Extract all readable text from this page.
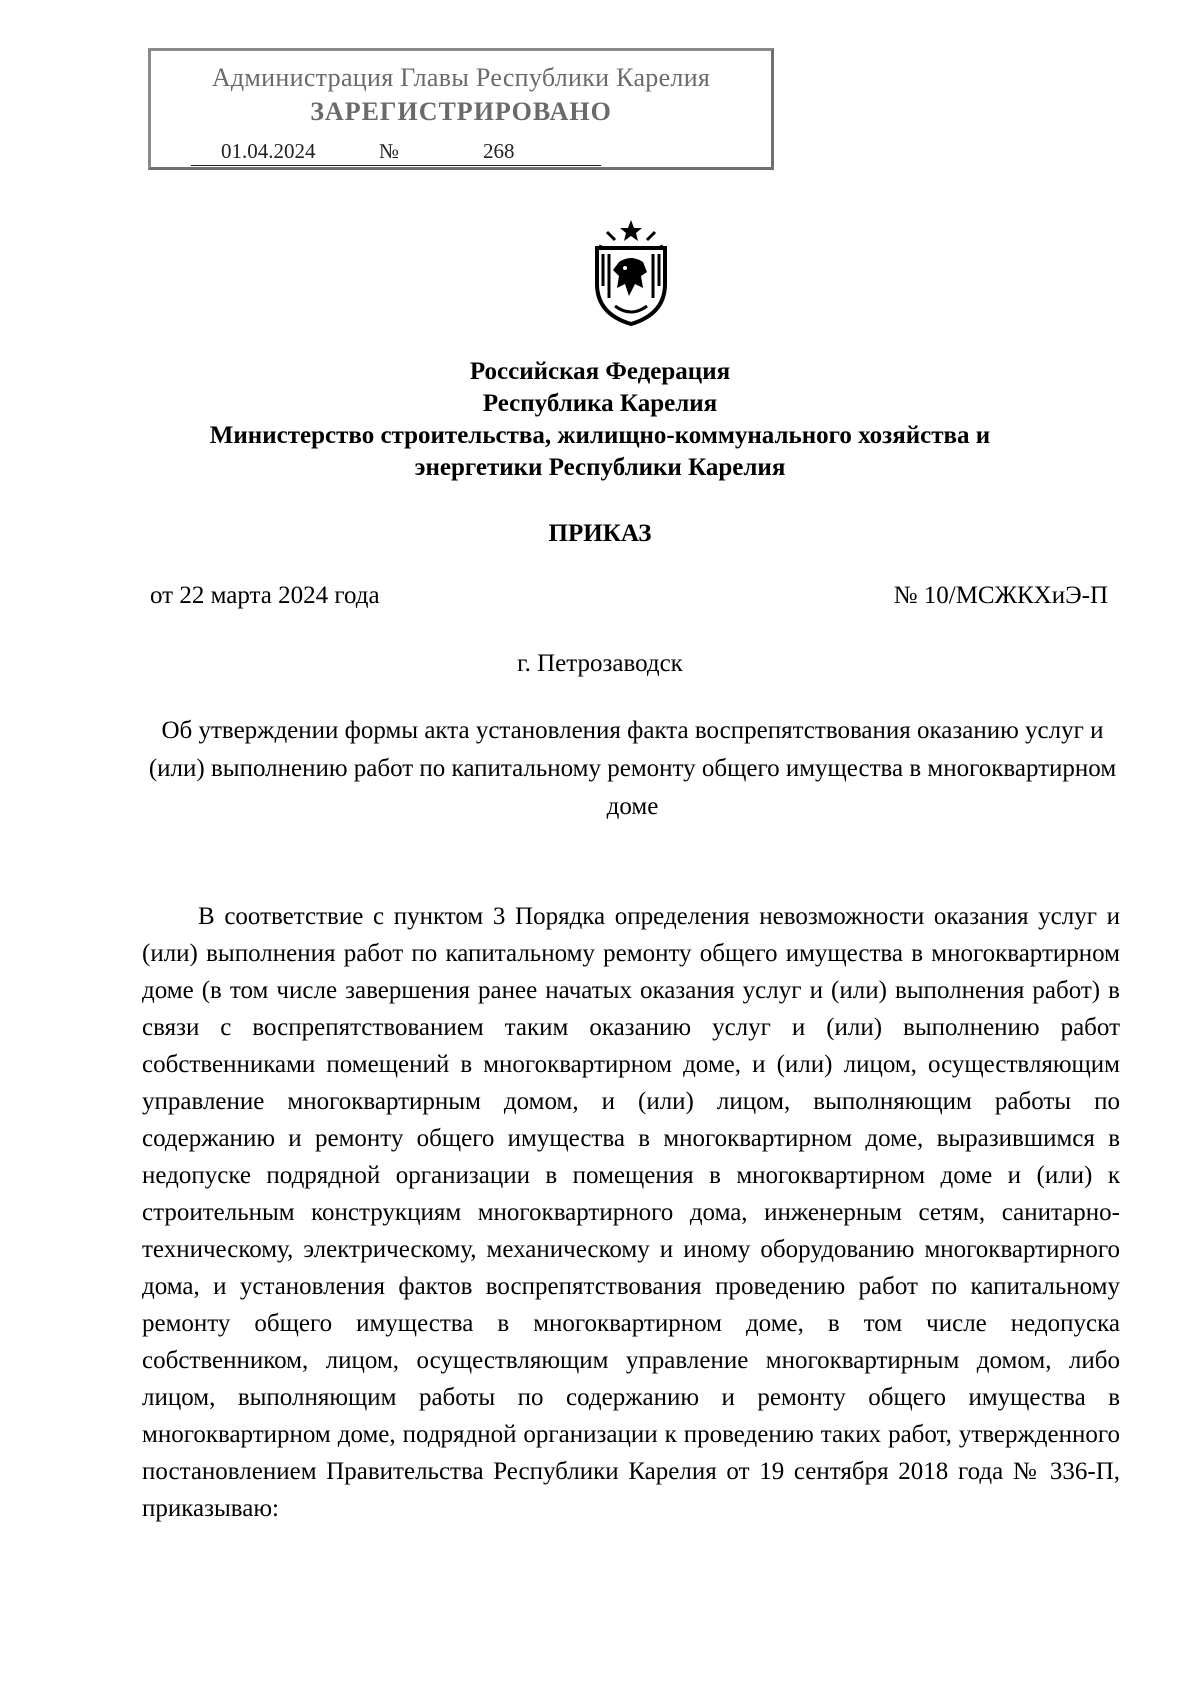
Администрация Главы Республики Карелия
ЗАРЕГИСТРИРОВАНО
01.04.2024	№	268
Российская Федерация
Республика Карелия
Министерство строительства, жилищно-коммунального хозяйства и
энергетики Республики Карелия
ПРИКАЗ
от 22 марта 2024 года	№ 10/МСЖКХиЭ-П
г. Петрозаводск
Об утверждении формы акта установления факта воспрепятствования оказанию услуг и (или) выполнению работ по капитальному ремонту общего имущества в многоквартирном доме
В соответствие с пунктом 3 Порядка определения невозможности оказания услуг и (или) выполнения работ по капитальному ремонту общего имущества в многоквартирном доме (в том числе завершения ранее начатых оказания услуг и (или) выполнения работ) в связи с воспрепятствованием таким оказанию услуг и (или) выполнению работ собственниками помещений в многоквартирном доме, и (или) лицом, осуществляющим управление многоквартирным домом, и (или) лицом, выполняющим работы по содержанию и ремонту общего имущества в многоквартирном доме, выразившимся в недопуске подрядной организации в помещения в многоквартирном доме и (или) к строительным конструкциям многоквартирного дома, инженерным сетям, санитарно-техническому, электрическому, механическому и иному оборудованию многоквартирного дома, и установления фактов воспрепятствования проведению работ по капитальному ремонту общего имущества в многоквартирном доме, в том числе недопуска собственником, лицом, осуществляющим управление многоквартирным домом, либо лицом, выполняющим работы по содержанию и ремонту общего имущества в многоквартирном доме, подрядной организации к проведению таких работ, утвержденного постановлением Правительства Республики Карелия от 19 сентября 2018 года № 336-П, приказываю:
